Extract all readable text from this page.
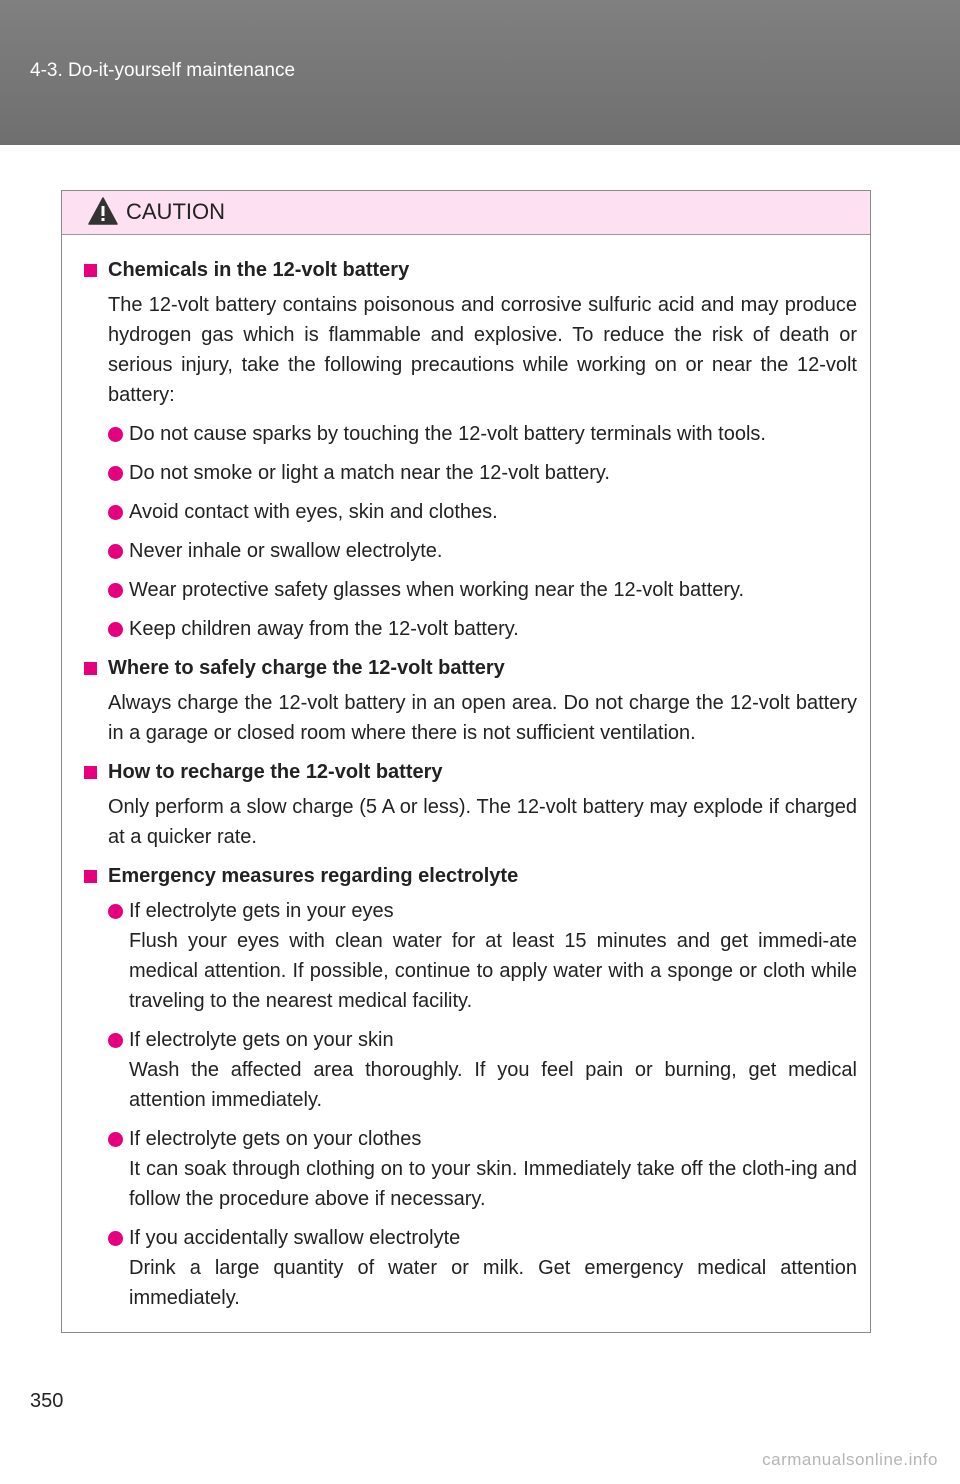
4-3. Do-it-yourself maintenance
CAUTION
Chemicals in the 12-volt battery
The 12-volt battery contains poisonous and corrosive sulfuric acid and may produce hydrogen gas which is flammable and explosive. To reduce the risk of death or serious injury, take the following precautions while working on or near the 12-volt battery:
Do not cause sparks by touching the 12-volt battery terminals with tools.
Do not smoke or light a match near the 12-volt battery.
Avoid contact with eyes, skin and clothes.
Never inhale or swallow electrolyte.
Wear protective safety glasses when working near the 12-volt battery.
Keep children away from the 12-volt battery.
Where to safely charge the 12-volt battery
Always charge the 12-volt battery in an open area. Do not charge the 12-volt battery in a garage or closed room where there is not sufficient ventilation.
How to recharge the 12-volt battery
Only perform a slow charge (5 A or less). The 12-volt battery may explode if charged at a quicker rate.
Emergency measures regarding electrolyte
If electrolyte gets in your eyes
Flush your eyes with clean water for at least 15 minutes and get immedi-ate medical attention. If possible, continue to apply water with a sponge or cloth while traveling to the nearest medical facility.
If electrolyte gets on your skin
Wash the affected area thoroughly. If you feel pain or burning, get medical attention immediately.
If electrolyte gets on your clothes
It can soak through clothing on to your skin. Immediately take off the cloth-ing and follow the procedure above if necessary.
If you accidentally swallow electrolyte
Drink a large quantity of water or milk. Get emergency medical attention immediately.
350
carmanualsonline.info
